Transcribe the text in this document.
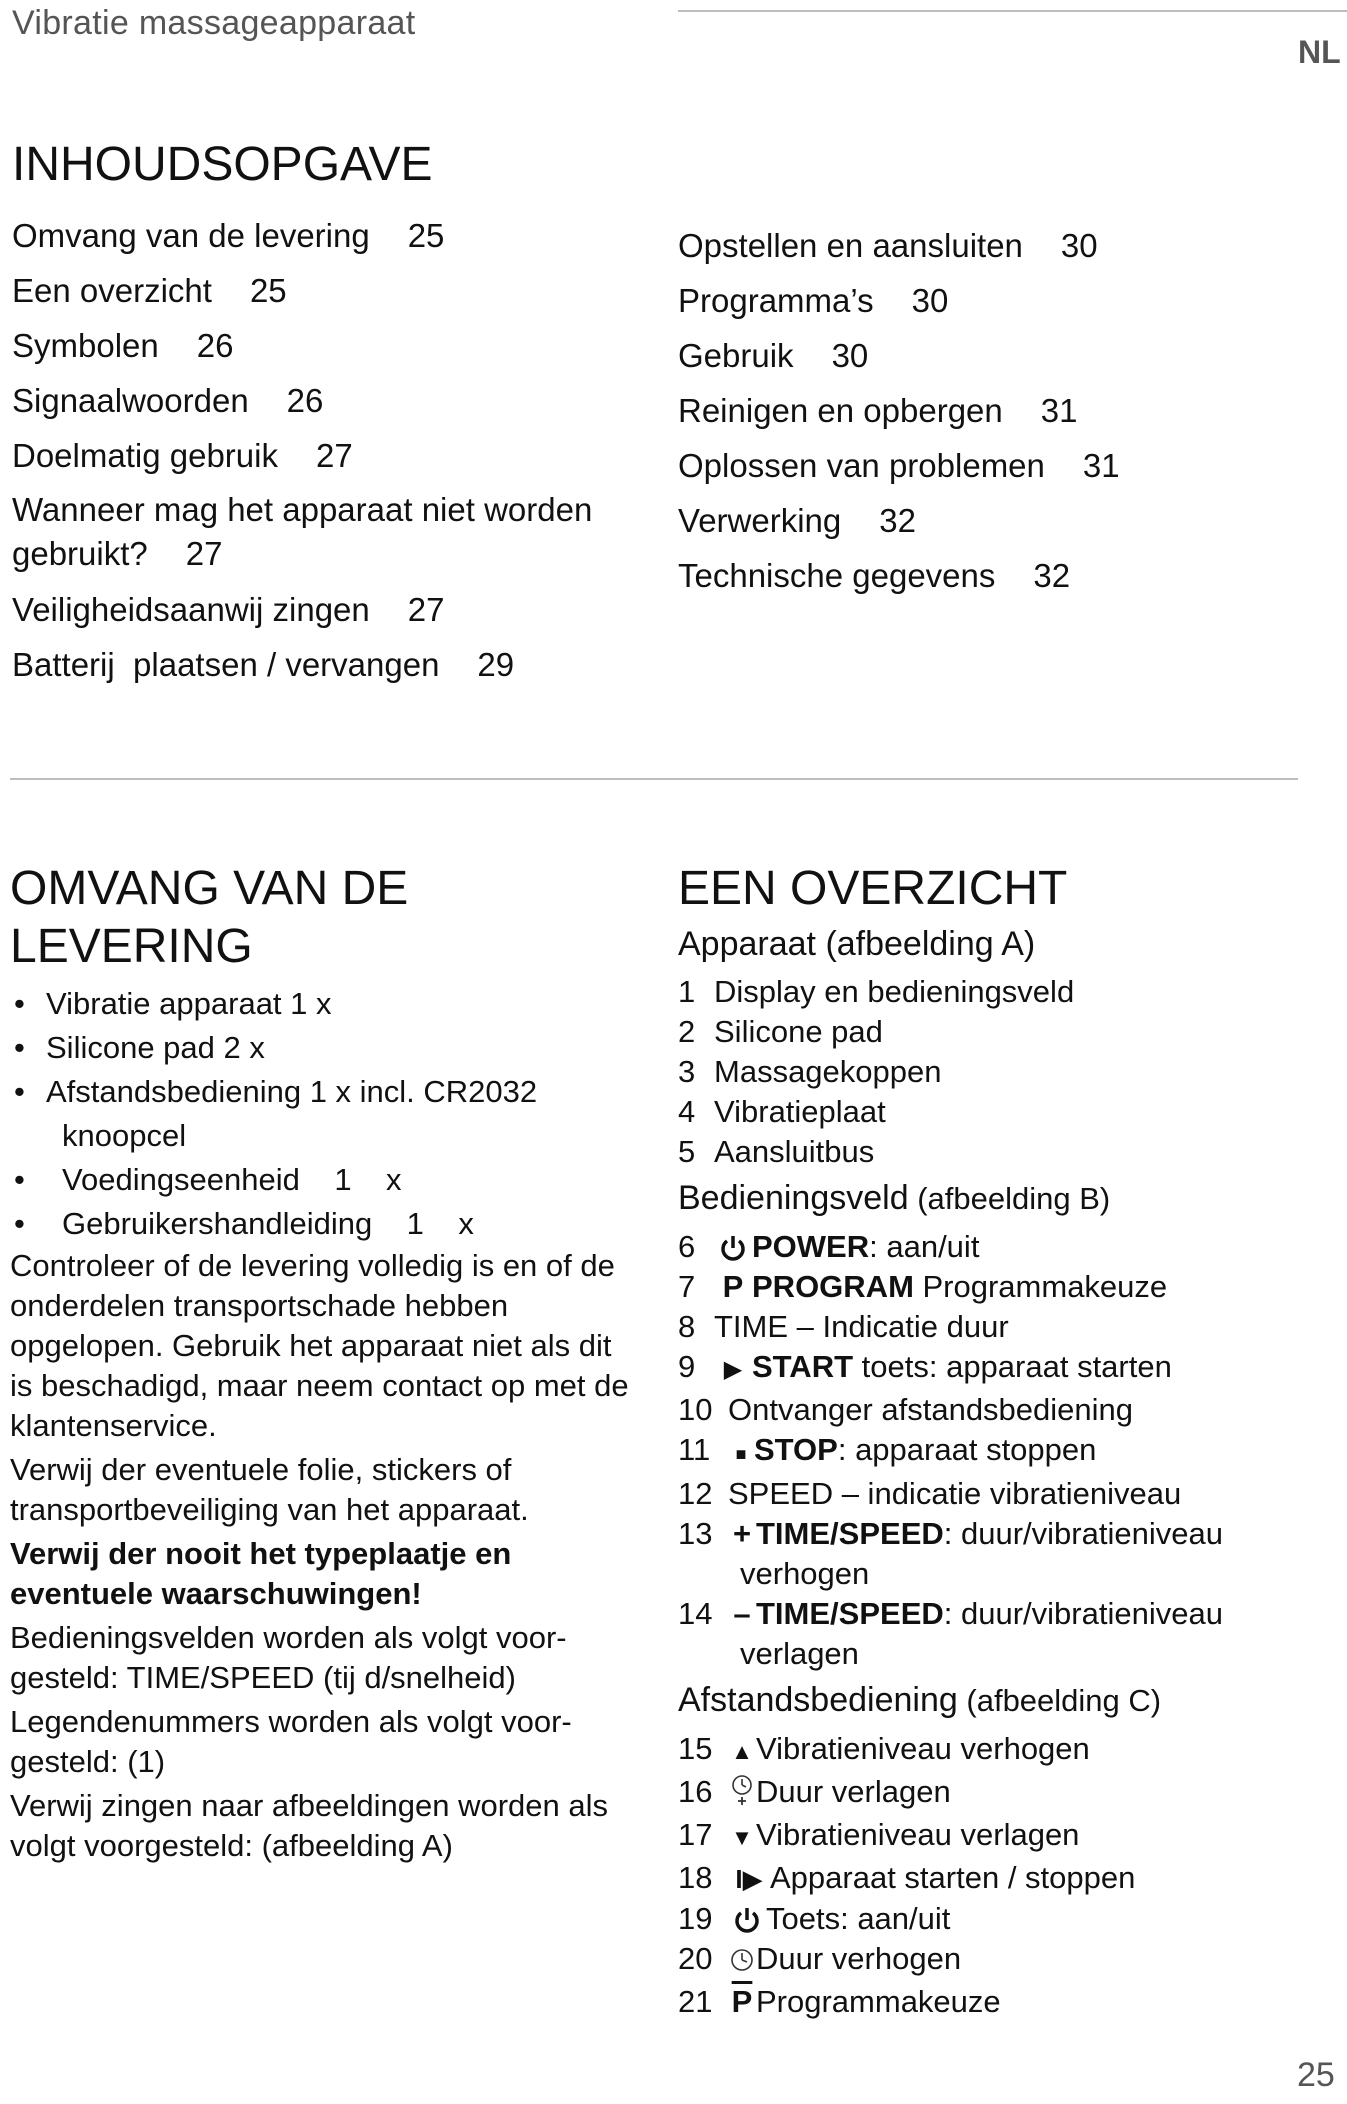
Vibratie massageapparaat
NL
INHOUDSOPGAVE
Omvang van de levering 25
Een overzicht 25
Symbolen 26
Signaalwoorden 26
Doelmatig gebruik 27
Wanneer mag het apparaat niet worden gebruikt? 27
Veiligheidsaanwij zingen 27
Batterij  plaatsen / vervangen 29
Opstellen en aansluiten 30
Programma’s 30
Gebruik 30
Reinigen en opbergen 31
Oplossen van problemen 31
Verwerking 32
Technische gegevens 32
OMVANG VAN DE
LEVERING
• Vibratie apparaat 1 x
• Silicone pad 2 x
• Afstandsbediening 1 x incl. CR2032
knoopcel
• Voedingseenheid    1    x
• Gebruikershandleiding    1    x

Controleer of de levering volledig is en of de onderdelen transportschade hebben opgelopen. Gebruik het apparaat niet als dit is beschadigd, maar neem contact op met de klantenservice.

Verwij der eventuele folie, stickers of transportbeveiliging van het apparaat.

Verwij der nooit het typeplaatje en eventuele waarschuwingen!

Bedieningsvelden worden als volgt voor-gesteld: TIME/SPEED (tij d/snelheid)

Legendenummers worden als volgt voor-gesteld: (1)

Verwij zingen naar afbeeldingen worden als volgt voorgesteld: (afbeelding A)

EEN OVERZICHT
Apparaat (afbeelding A)
1 Display en bedieningsveld
2 Silicone pad
3 Massagekoppen
4 Vibratieplaat
5 Aansluitbus
Bedieningsveld (afbeelding B)
6 POWER: aan/uit
7 P PROGRAM Programmakeuze
8 TIME – Indicatie duur
9 ▶ START toets: apparaat starten
10 Ontvanger afstandsbediening
11 ■ STOP: apparaat stoppen
12 SPEED – indicatie vibratieniveau
13 + TIME/SPEED: duur/vibratieniveau
verhogen
14 – TIME/SPEED: duur/vibratieniveau
verlagen
Afstandsbediening (afbeelding C)
15 ▲ Vibratieniveau verhogen
16 Duur verlagen
17 ▼ Vibratieniveau verlagen
18 I▶ Apparaat starten / stoppen
19 Toets: aan/uit
20 Duur verhogen
21 $\overline{P}$ Programmakeuze
25
